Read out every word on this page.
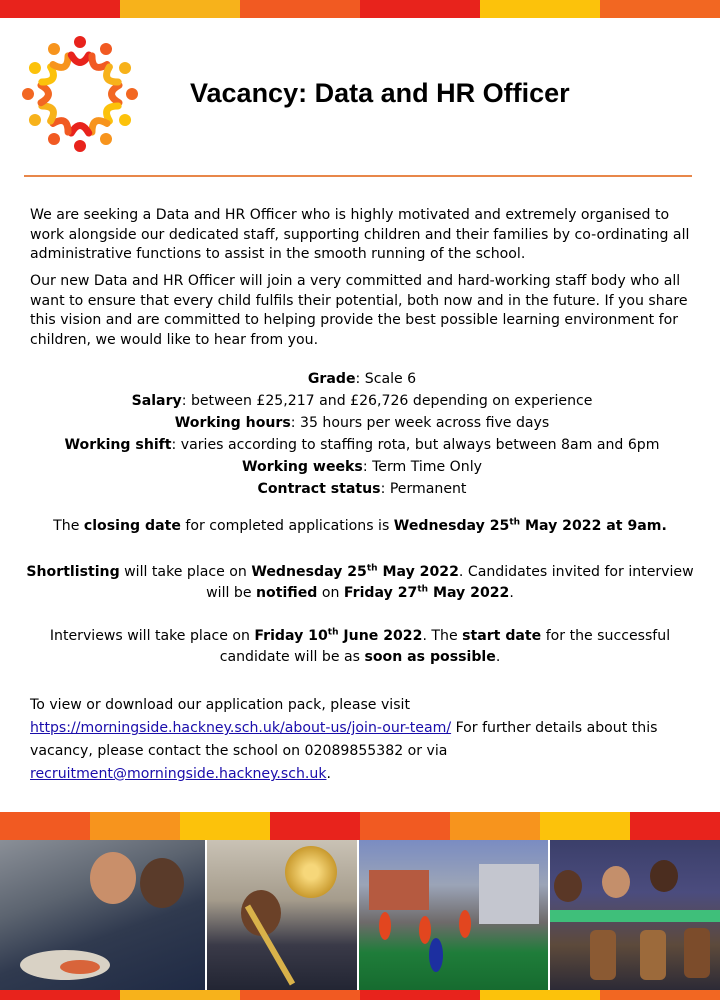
Vacancy: Data and HR Officer

We are seeking a Data and HR Officer who is highly motivated and extremely organised to work alongside our dedicated staff, supporting children and their families by co-ordinating all administrative functions to assist in the smooth running of the school.

Our new Data and HR Officer will join a very committed and hard-working staff body who all want to ensure that every child fulfils their potential, both now and in the future. If you share this vision and are committed to helping provide the best possible learning environment for children, we would like to hear from you.

Grade: Scale 6
Salary: between £25,217 and £26,726 depending on experience
Working hours: 35 hours per week across five days
Working shift: varies according to staffing rota, but always between 8am and 6pm
Working weeks: Term Time Only
Contract status: Permanent

The closing date for completed applications is Wednesday 25th May 2022 at 9am.

Shortlisting will take place on Wednesday 25th May 2022. Candidates invited for interview will be notified on Friday 27th May 2022.

Interviews will take place on Friday 10th June 2022. The start date for the successful candidate will be as soon as possible.

To view or download our application pack, please visit https://morningside.hackney.sch.uk/about-us/join-our-team/ For further details about this vacancy, please contact the school on 02089855382 or via recruitment@morningside.hackney.sch.uk.
